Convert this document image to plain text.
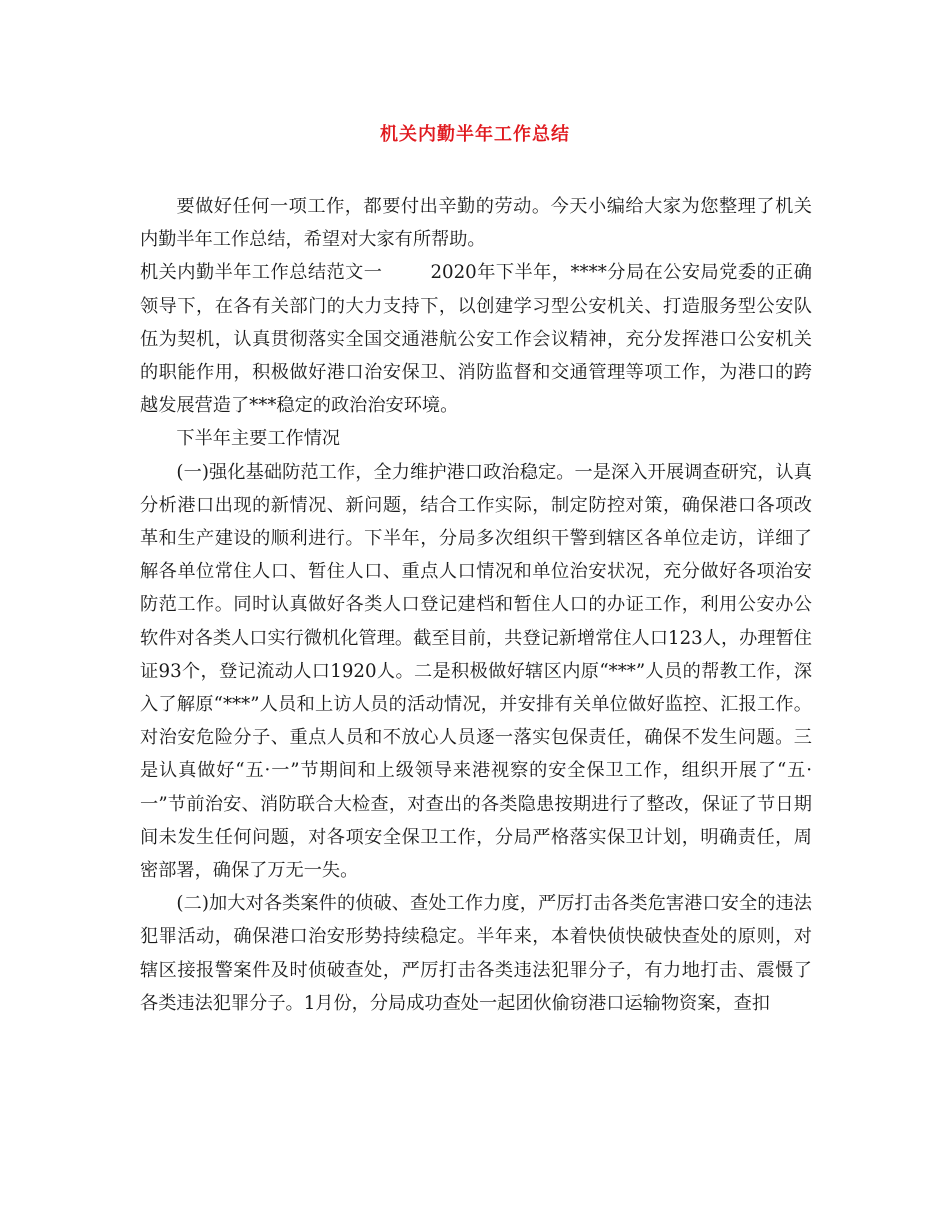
机关内勤半年工作总结

要做好任何一项工作，都要付出辛勤的劳动。今天小编给大家为您整理了机关内勤半年工作总结，希望对大家有所帮助。

机关内勤半年工作总结范文一	2020年下半年，****分局在公安局党委的正确领导下，在各有关部门的大力支持下，以创建学习型公安机关、打造服务型公安队伍为契机，认真贯彻落实全国交通港航公安工作会议精神，充分发挥港口公安机关的职能作用，积极做好港口治安保卫、消防监督和交通管理等项工作，为港口的跨越发展营造了***稳定的政治治安环境。

下半年主要工作情况

(一)强化基础防范工作，全力维护港口政治稳定。一是深入开展调查研究，认真分析港口出现的新情况、新问题，结合工作实际，制定防控对策，确保港口各项改革和生产建设的顺利进行。下半年，分局多次组织干警到辖区各单位走访，详细了解各单位常住人口、暂住人口、重点人口情况和单位治安状况，充分做好各项治安防范工作。同时认真做好各类人口登记建档和暂住人口的办证工作，利用公安办公软件对各类人口实行微机化管理。截至目前，共登记新增常住人口123人，办理暂住证93个，登记流动人口1920人。二是积极做好辖区内原“***”人员的帮教工作，深入了解原“***”人员和上访人员的活动情况，并安排有关单位做好监控、汇报工作。对治安危险分子、重点人员和不放心人员逐一落实包保责任，确保不发生问题。三是认真做好“五·一”节期间和上级领导来港视察的安全保卫工作，组织开展了“五·一”节前治安、消防联合大检查，对查出的各类隐患按期进行了整改，保证了节日期间未发生任何问题，对各项安全保卫工作，分局严格落实保卫计划，明确责任，周密部署，确保了万无一失。

(二)加大对各类案件的侦破、查处工作力度，严厉打击各类危害港口安全的违法犯罪活动，确保港口治安形势持续稳定。半年来，本着快侦快破快查处的原则，对辖区接报警案件及时侦破查处，严厉打击各类违法犯罪分子，有力地打击、震慑了各类违法犯罪分子。1月份，分局成功查处一起团伙偷窃港口运输物资案，查扣
